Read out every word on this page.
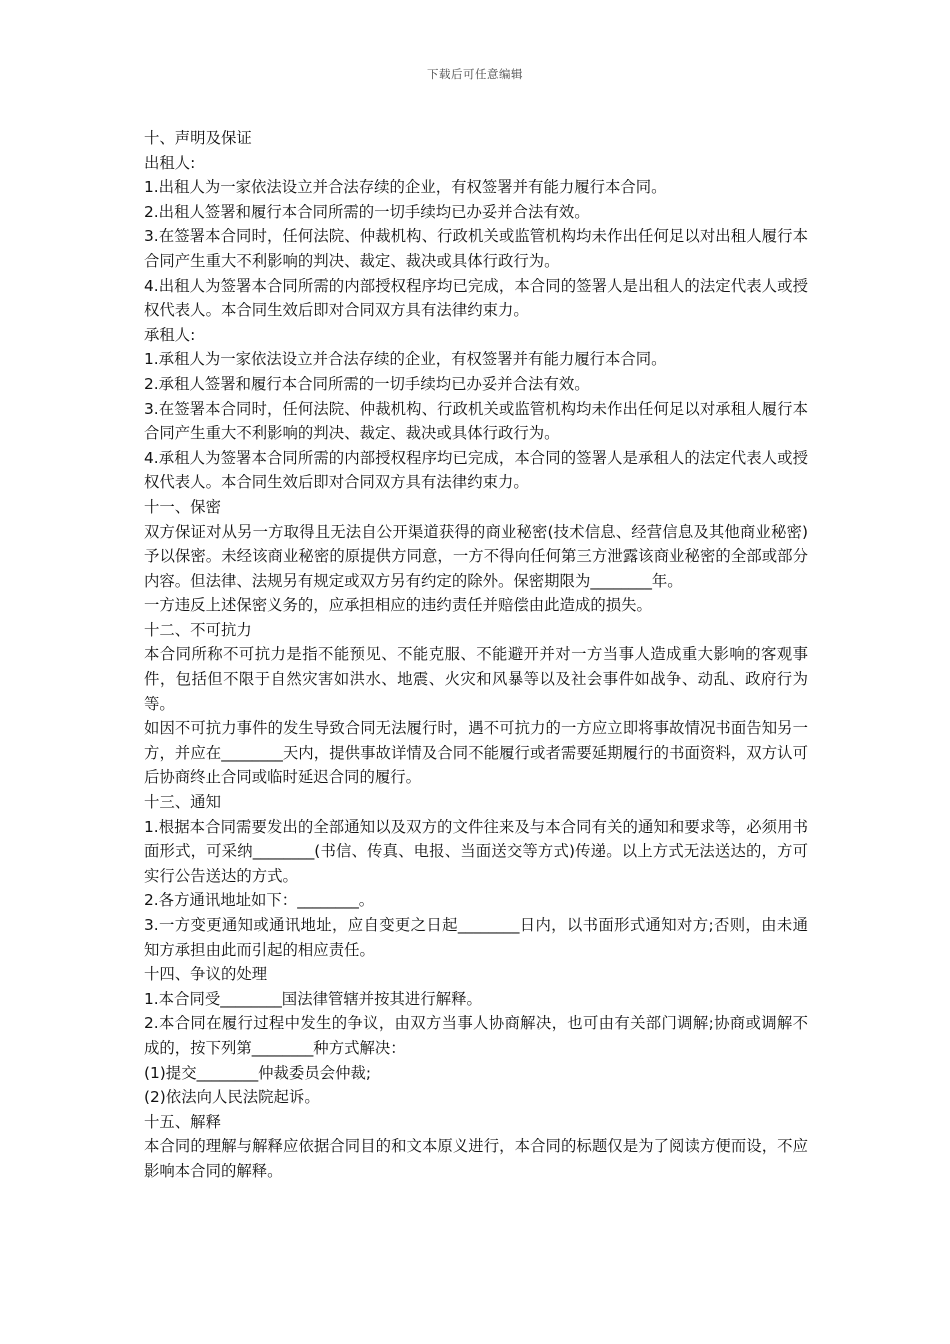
下载后可任意编辑
十、声明及保证
出租人:
1.出租人为一家依法设立并合法存续的企业，有权签署并有能力履行本合同。
2.出租人签署和履行本合同所需的一切手续均已办妥并合法有效。
3.在签署本合同时，任何法院、仲裁机构、行政机关或监管机构均未作出任何足以对出租人履行本合同产生重大不利影响的判决、裁定、裁决或具体行政行为。
4.出租人为签署本合同所需的内部授权程序均已完成，本合同的签署人是出租人的法定代表人或授权代表人。本合同生效后即对合同双方具有法律约束力。
承租人:
1.承租人为一家依法设立并合法存续的企业，有权签署并有能力履行本合同。
2.承租人签署和履行本合同所需的一切手续均已办妥并合法有效。
3.在签署本合同时，任何法院、仲裁机构、行政机关或监管机构均未作出任何足以对承租人履行本合同产生重大不利影响的判决、裁定、裁决或具体行政行为。
4.承租人为签署本合同所需的内部授权程序均已完成，本合同的签署人是承租人的法定代表人或授权代表人。本合同生效后即对合同双方具有法律约束力。
十一、保密
双方保证对从另一方取得且无法自公开渠道获得的商业秘密(技术信息、经营信息及其他商业秘密)予以保密。未经该商业秘密的原提供方同意，一方不得向任何第三方泄露该商业秘密的全部或部分内容。但法律、法规另有规定或双方另有约定的除外。保密期限为________年。
一方违反上述保密义务的，应承担相应的违约责任并赔偿由此造成的损失。
十二、不可抗力
本合同所称不可抗力是指不能预见、不能克服、不能避开并对一方当事人造成重大影响的客观事件，包括但不限于自然灾害如洪水、地震、火灾和风暴等以及社会事件如战争、动乱、政府行为等。
如因不可抗力事件的发生导致合同无法履行时，遇不可抗力的一方应立即将事故情况书面告知另一方，并应在________天内，提供事故详情及合同不能履行或者需要延期履行的书面资料，双方认可后协商终止合同或临时延迟合同的履行。
十三、通知
1.根据本合同需要发出的全部通知以及双方的文件往来及与本合同有关的通知和要求等，必须用书面形式，可采纳________(书信、传真、电报、当面送交等方式)传递。以上方式无法送达的，方可实行公告送达的方式。
2.各方通讯地址如下：________。
3.一方变更通知或通讯地址，应自变更之日起________日内，以书面形式通知对方;否则，由未通知方承担由此而引起的相应责任。
十四、争议的处理
1.本合同受________国法律管辖并按其进行解释。
2.本合同在履行过程中发生的争议，由双方当事人协商解决，也可由有关部门调解;协商或调解不成的，按下列第________种方式解决：
(1)提交________仲裁委员会仲裁;
(2)依法向人民法院起诉。
十五、解释
本合同的理解与解释应依据合同目的和文本原义进行，本合同的标题仅是为了阅读方便而设，不应影响本合同的解释。
